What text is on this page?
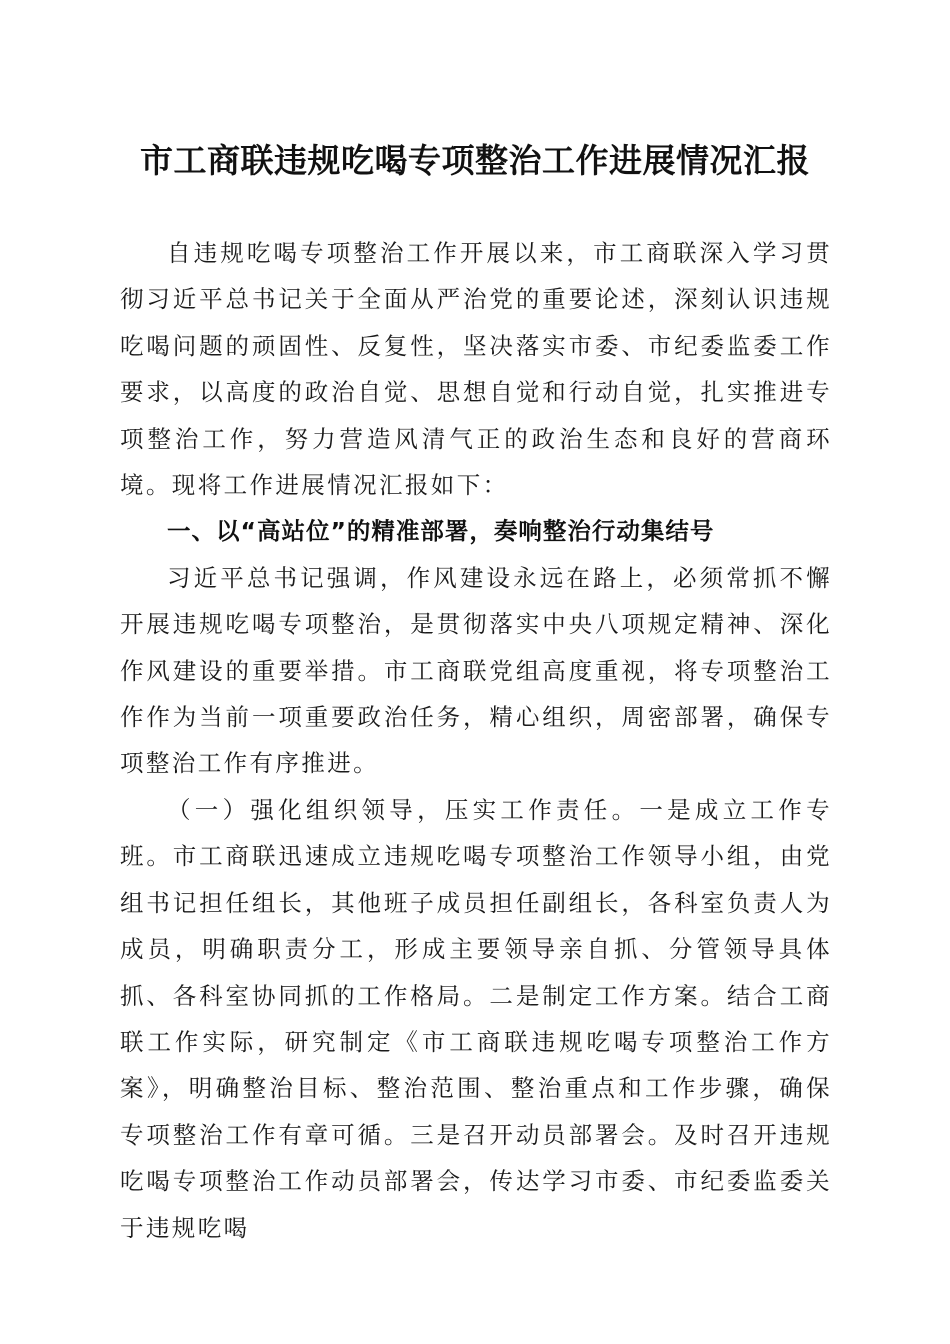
市工商联违规吃喝专项整治工作进展情况汇报

自违规吃喝专项整治工作开展以来，市工商联深入学习贯彻习近平总书记关于全面从严治党的重要论述，深刻认识违规吃喝问题的顽固性、反复性，坚决落实市委、市纪委监委工作要求，以高度的政治自觉、思想自觉和行动自觉，扎实推进专项整治工作，努力营造风清气正的政治生态和良好的营商环境。现将工作进展情况汇报如下：

一、以“高站位”的精准部署，奏响整治行动集结号

习近平总书记强调，作风建设永远在路上，必须常抓不懈开展违规吃喝专项整治，是贯彻落实中央八项规定精神、深化作风建设的重要举措。市工商联党组高度重视，将专项整治工作作为当前一项重要政治任务，精心组织，周密部署，确保专项整治工作有序推进。

（一）强化组织领导，压实工作责任。一是成立工作专班。市工商联迅速成立违规吃喝专项整治工作领导小组，由党组书记担任组长，其他班子成员担任副组长，各科室负责人为成员，明确职责分工，形成主要领导亲自抓、分管领导具体抓、各科室协同抓的工作格局。二是制定工作方案。结合工商联工作实际，研究制定《市工商联违规吃喝专项整治工作方案》，明确整治目标、整治范围、整治重点和工作步骤，确保专项整治工作有章可循。三是召开动员部署会。及时召开违规吃喝专项整治工作动员部署会，传达学习市委、市纪委监委关于违规吃喝
